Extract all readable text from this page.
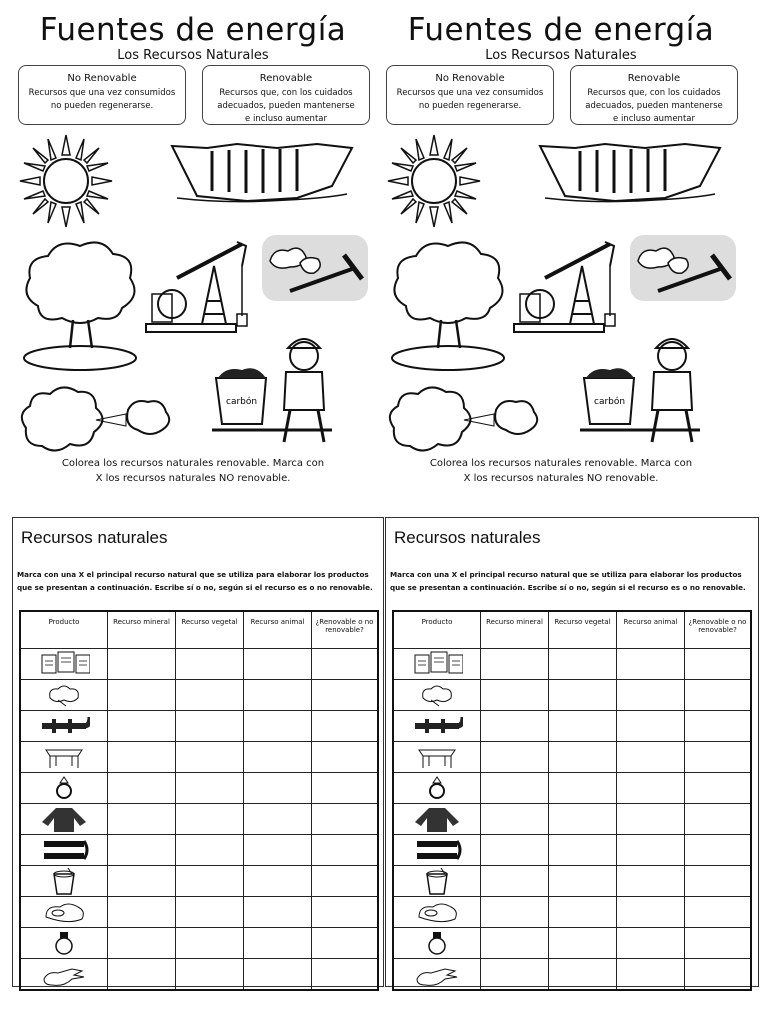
Fuentes de energía
Los Recursos Naturales
No Renovable
Recursos que una vez consumidos no pueden regenerarse.
Renovable
Recursos que, con los cuidados adecuados, pueden mantenerse e incluso aumentar
carbón
Colorea los recursos naturales renovable. Marca con
X los recursos naturales NO renovable.
Fuentes de energía
Los Recursos Naturales
No Renovable
Recursos que una vez consumidos no pueden regenerarse.
Renovable
Recursos que, con los cuidados adecuados, pueden mantenerse e incluso aumentar
carbón
Colorea los recursos naturales renovable. Marca con
X los recursos naturales NO renovable.
Recursos naturales
Marca con una X el principal recurso natural que se utiliza para elaborar los productos que se presentan a continuación. Escribe sí o no, según si el recurso es o no renovable.
Producto	Recurso mineral	Recurso vegetal	Recurso animal	¿Renovable o no renovable?

Recursos naturales
Marca con una X el principal recurso natural que se utiliza para elaborar los productos que se presentan a continuación. Escribe sí o no, según si el recurso es o no renovable.
Producto	Recurso mineral	Recurso vegetal	Recurso animal	¿Renovable o no renovable?
